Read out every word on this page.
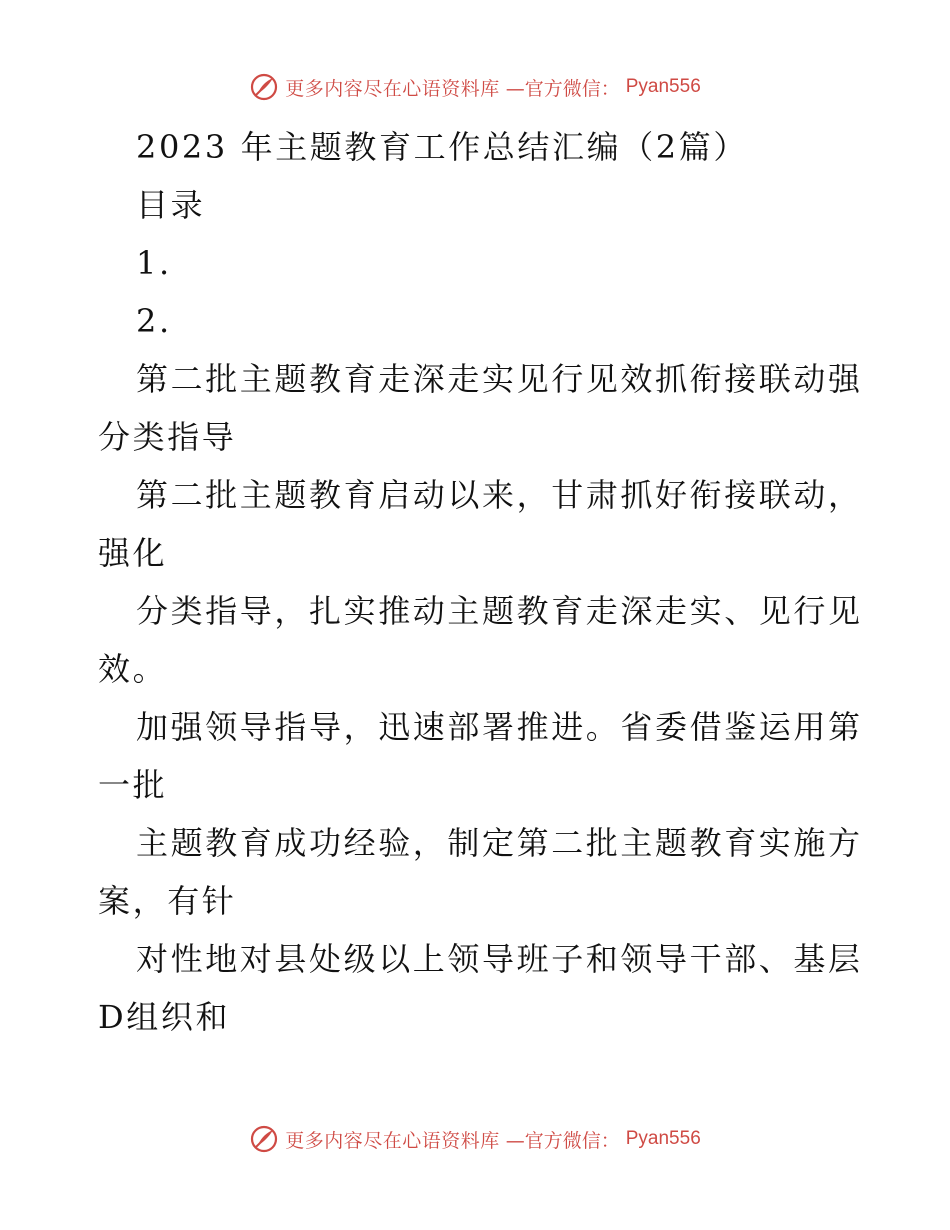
更多内容尽在心语资料库 —官方微信： Pyan556
2023 年主题教育工作总结汇编（2篇）
目录
1.
2.
第二批主题教育走深走实见行见效抓衔接联动强
分类指导
第二批主题教育启动以来，甘肃抓好衔接联动，
强化
分类指导，扎实推动主题教育走深走实、见行见
效。
加强领导指导，迅速部署推进。省委借鉴运用第
一批
主题教育成功经验，制定第二批主题教育实施方
案，有针
对性地对县处级以上领导班子和领导干部、基层
D组织和
更多内容尽在心语资料库 —官方微信： Pyan556
